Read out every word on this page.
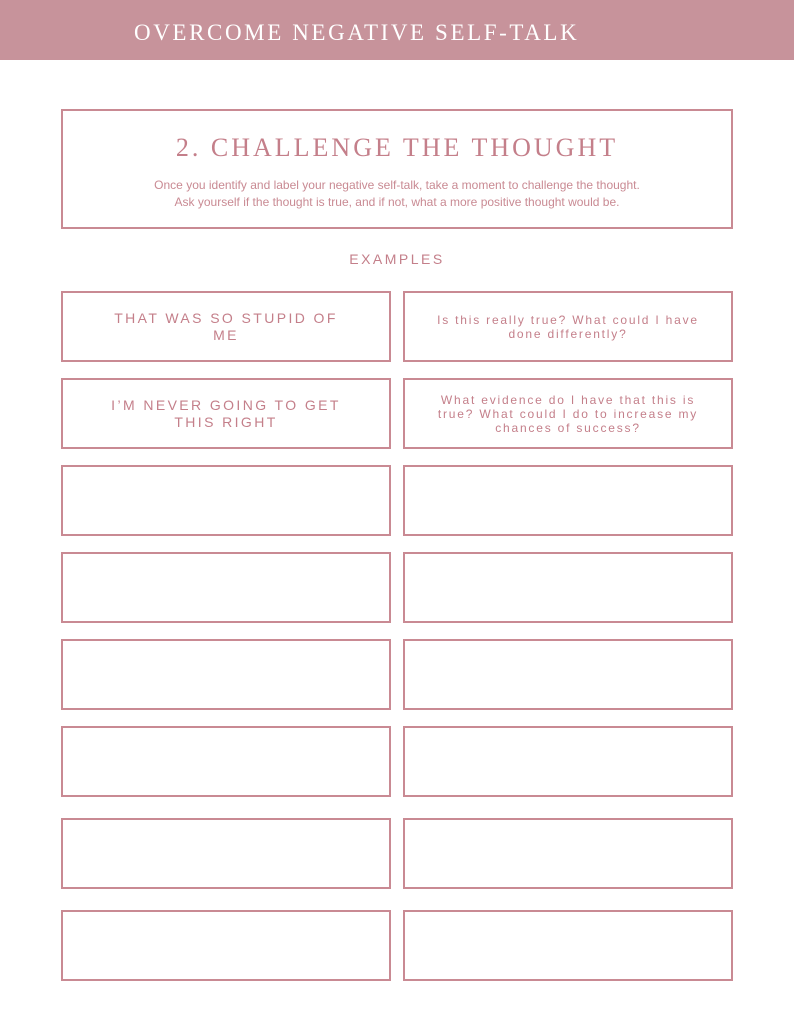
OVERCOME NEGATIVE SELF-TALK
2. CHALLENGE THE THOUGHT
Once you identify and label your negative self-talk, take a moment to challenge the thought.
Ask yourself if the thought is true, and if not, what a more positive thought would be.
EXAMPLES
THAT WAS SO STUPID OF ME
Is this really true? What could I have done differently?
I’M NEVER GOING TO GET THIS RIGHT
What evidence do I have that this is true? What could I do to increase my chances of success?
